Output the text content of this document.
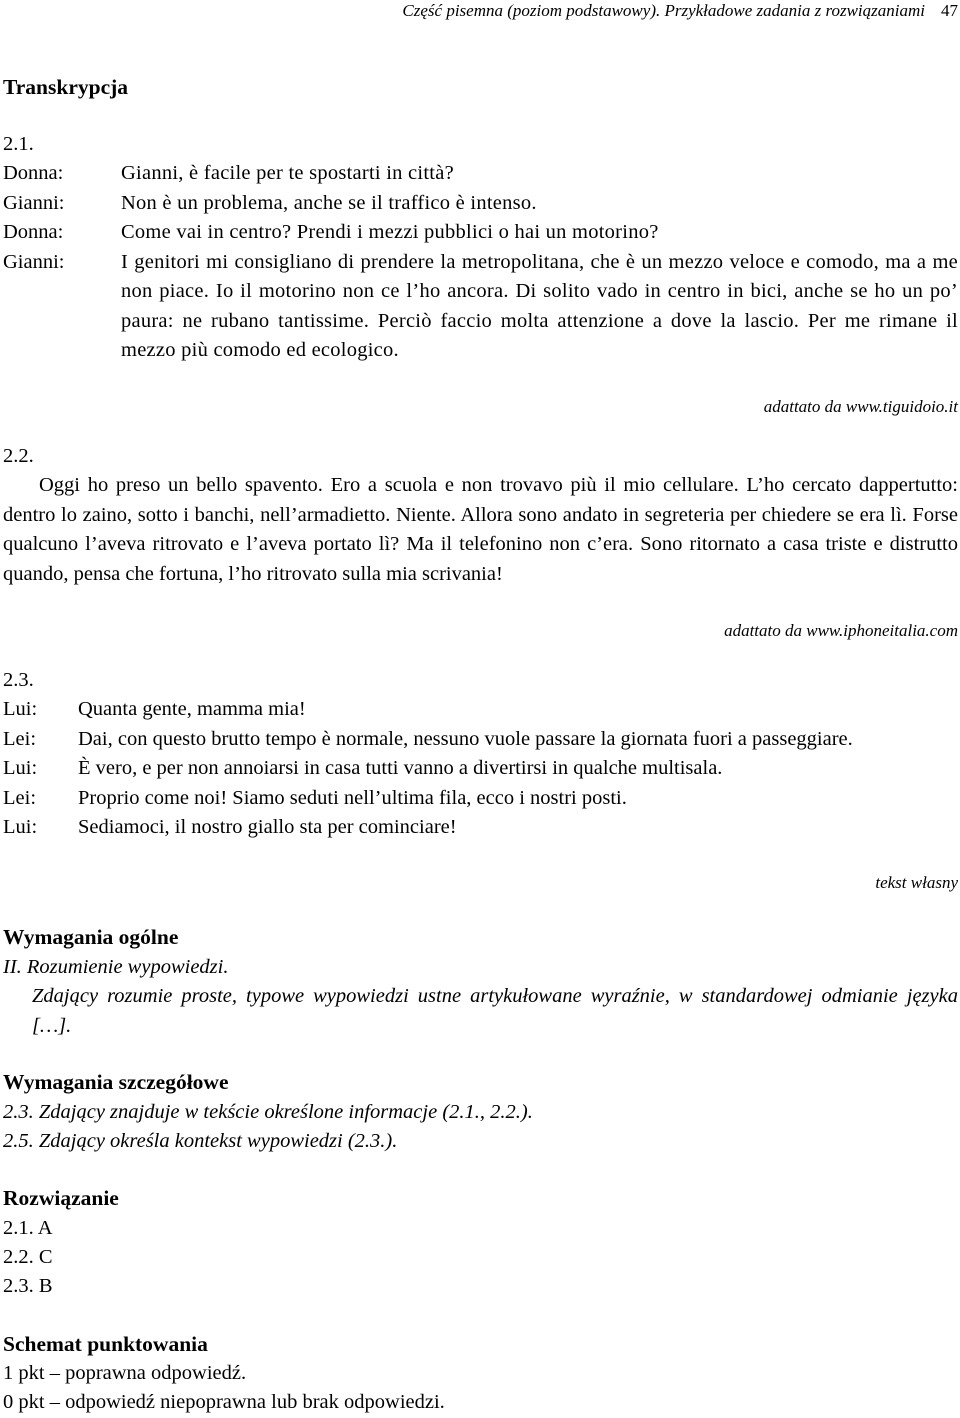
Część pisemna (poziom podstawowy). Przykładowe zadania z rozwiązaniami 47
Transkrypcja
2.1.
Donna:	Gianni, è facile per te spostarti in città?
Gianni:	Non è un problema, anche se il traffico è intenso.
Donna:	Come vai in centro? Prendi i mezzi pubblici o hai un motorino?
Gianni:	I genitori mi consigliano di prendere la metropolitana, che è un mezzo veloce e comodo, ma a me non piace. Io il motorino non ce l’ho ancora. Di solito vado in centro in bici, anche se ho un po’ paura: ne rubano tantissime. Perciò faccio molta attenzione a dove la lascio. Per me rimane il mezzo più comodo ed ecologico.
adattato da www.tiguidoio.it
2.2.
Oggi ho preso un bello spavento. Ero a scuola e non trovavo più il mio cellulare. L’ho cercato dappertutto: dentro lo zaino, sotto i banchi, nell’armadietto. Niente. Allora sono andato in segreteria per chiedere se era lì. Forse qualcuno l’aveva ritrovato e l’aveva portato lì? Ma il telefonino non c’era. Sono ritornato a casa triste e distrutto quando, pensa che fortuna, l’ho ritrovato sulla mia scrivania!
adattato da www.iphoneitalia.com
2.3.
Lui:	Quanta gente, mamma mia!
Lei:	Dai, con questo brutto tempo è normale, nessuno vuole passare la giornata fuori a passeggiare.
Lui:	È vero, e per non annoiarsi in casa tutti vanno a divertirsi in qualche multisala.
Lei:	Proprio come noi! Siamo seduti nell’ultima fila, ecco i nostri posti.
Lui:	Sediamoci, il nostro giallo sta per cominciare!
tekst własny
Wymagania ogólne
II. Rozumienie wypowiedzi.
Zdający rozumie proste, typowe wypowiedzi ustne artykułowane wyraźnie, w standardowej odmianie języka […].
Wymagania szczegółowe
2.3. Zdający znajduje w tekście określone informacje (2.1., 2.2.).
2.5. Zdający określa kontekst wypowiedzi (2.3.).
Rozwiązanie
2.1. A
2.2. C
2.3. B
Schemat punktowania
1 pkt – poprawna odpowiedź.
0 pkt – odpowiedź niepoprawna lub brak odpowiedzi.
